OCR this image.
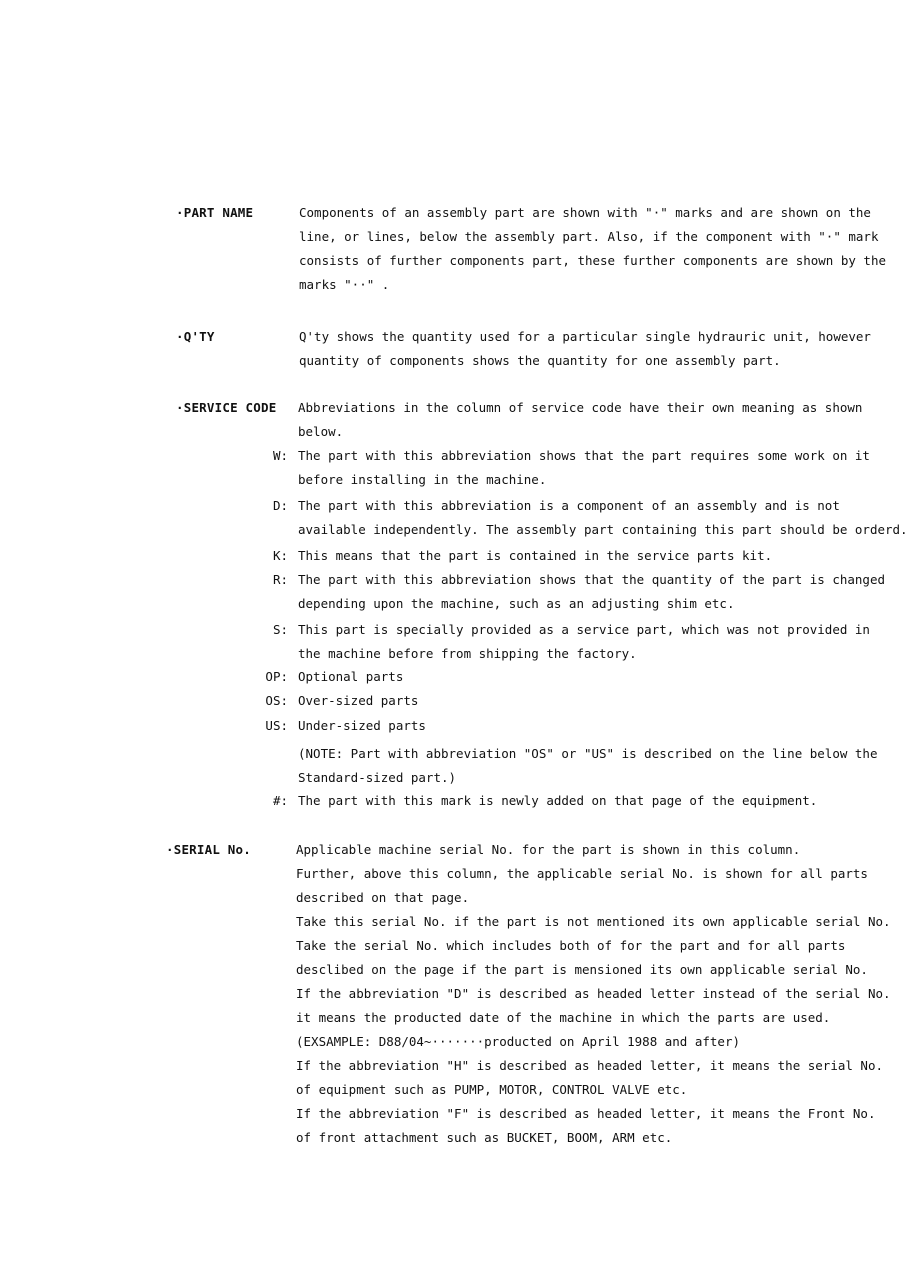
·PART NAME	Components of an assembly part are shown with "·" marks and are shown on the
line, or lines, below the assembly part. Also, if the component with "·" mark
consists of further components part, these further components are shown by the
marks "··" .
·Q'TY	Q'ty shows the quantity used for a particular single hydrauric unit, however
quantity of components shows the quantity for one assembly part.
·SERVICE CODE Abbreviations in the column of service code have their own meaning as shown
below.
W: The part with this abbreviation shows that the part requires some work on it
before installing in the machine.
D: The part with this abbreviation is a component of an assembly and is not
available independently. The assembly part containing this part should be orderd.
K: This means that the part is contained in the service parts kit.
R: The part with this abbreviation shows that the quantity of the part is changed
depending upon the machine, such as an adjusting shim etc.
S: This part is specially provided as a service part, which was not provided in
the machine before from shipping the factory.
OP: Optional parts
OS: Over-sized parts
US: Under-sized parts
(NOTE: Part with abbreviation "OS" or "US" is described on the line below the
Standard-sized part.)
#: The part with this mark is newly added on that page of the equipment.
·SERIAL No.	Applicable machine serial No. for the part is shown in this column.
Further, above this column, the applicable serial No. is shown for all parts
described on that page.
Take this serial No. if the part is not mentioned its own applicable serial No.
Take the serial No. which includes both of for the part and for all parts
desclibed on the page if the part is mensioned its own applicable serial No.
If the abbreviation "D" is described as headed letter instead of the serial No.
it means the producted date of the machine in which the parts are used.
(EXSAMPLE: D88/04~·······producted on April 1988 and after)
If the abbreviation "H" is described as headed letter, it means the serial No.
of equipment such as PUMP, MOTOR, CONTROL VALVE etc.
If the abbreviation "F" is described as headed letter, it means the Front No.
of front attachment such as BUCKET, BOOM, ARM etc.
